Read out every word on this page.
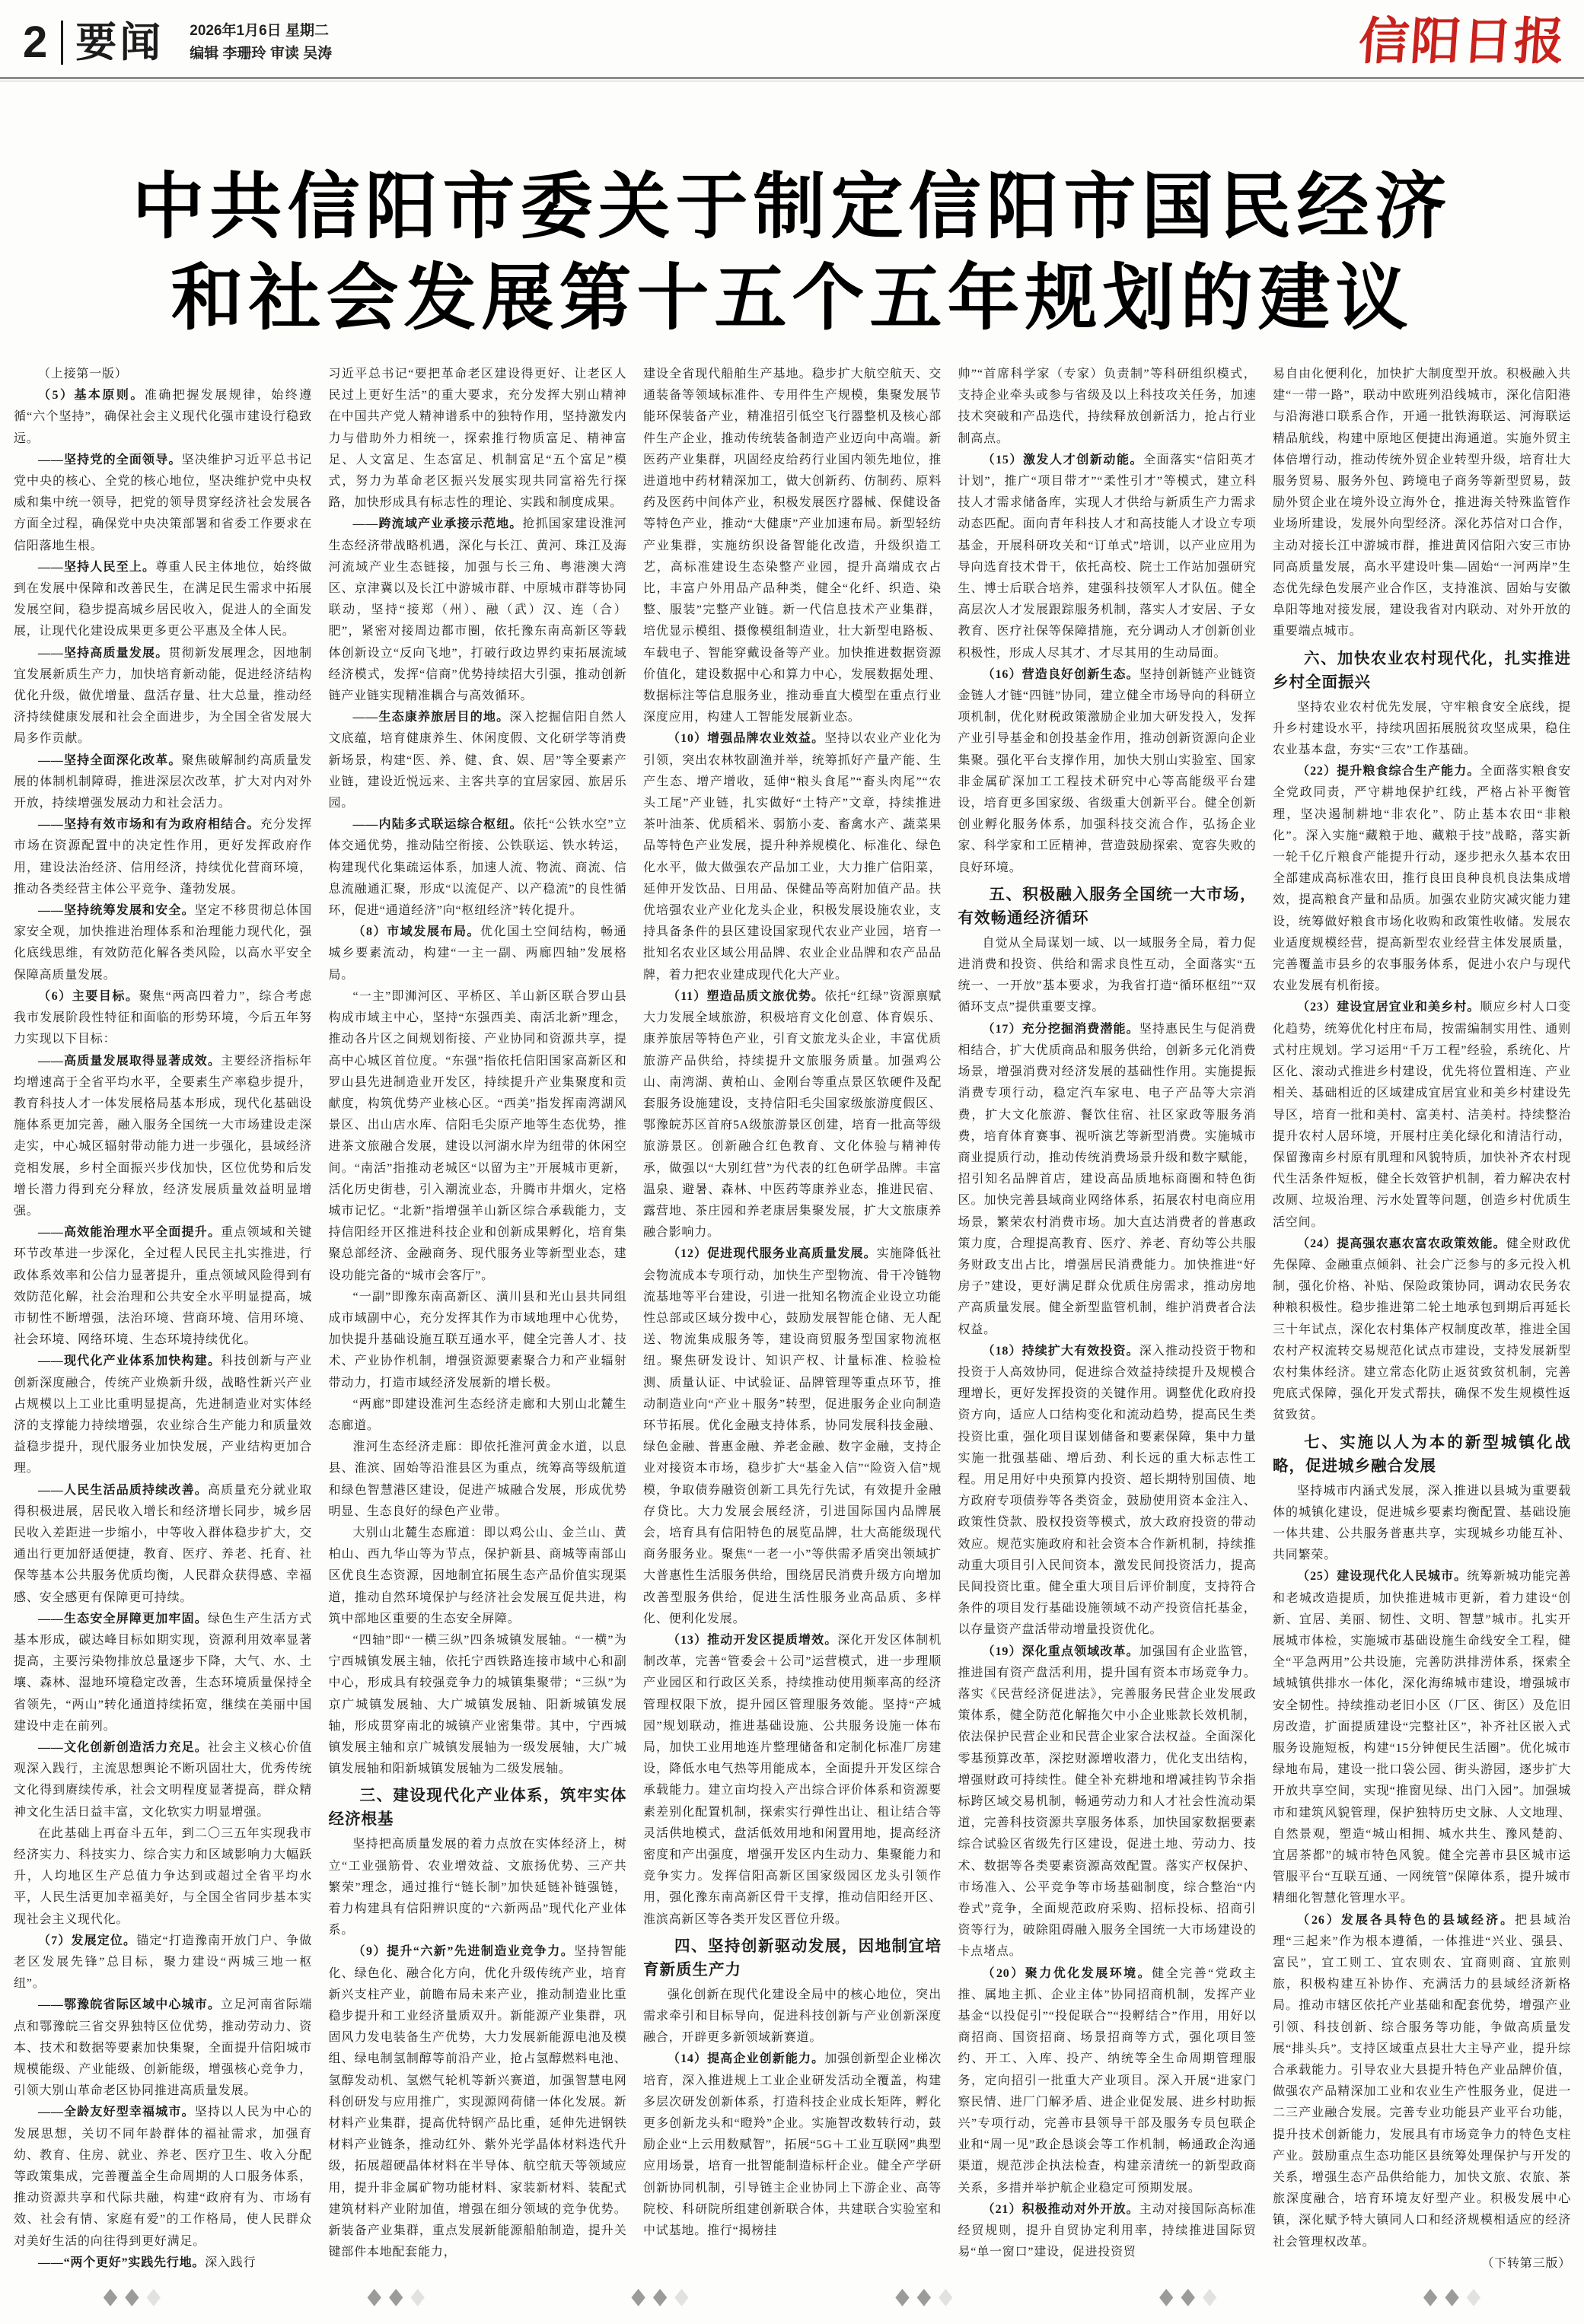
2 要闻 2026年1月6日 星期二
编辑 李珊玲 审读 吴涛	信阳日报
中共信阳市委关于制定信阳市国民经济
和社会发展第十五个五年规划的建议

（上接第一版）

（5）基本原则。准确把握发展规律，始终遵循“六个坚持”，确保社会主义现代化强市建设行稳致远。

——坚持党的全面领导。坚决维护习近平总书记党中央的核心、全党的核心地位，坚决维护党中央权威和集中统一领导，把党的领导贯穿经济社会发展各方面全过程，确保党中央决策部署和省委工作要求在信阳落地生根。

——坚持人民至上。尊重人民主体地位，始终做到在发展中保障和改善民生，在满足民生需求中拓展发展空间，稳步提高城乡居民收入，促进人的全面发展，让现代化建设成果更多更公平惠及全体人民。

——坚持高质量发展。贯彻新发展理念，因地制宜发展新质生产力，加快培育新动能，促进经济结构优化升级，做优增量、盘活存量、壮大总量，推动经济持续健康发展和社会全面进步，为全国全省发展大局多作贡献。

——坚持全面深化改革。聚焦破解制约高质量发展的体制机制障碍，推进深层次改革，扩大对内对外开放，持续增强发展动力和社会活力。

——坚持有效市场和有为政府相结合。充分发挥市场在资源配置中的决定性作用，更好发挥政府作用，建设法治经济、信用经济，持续优化营商环境，推动各类经营主体公平竞争、蓬勃发展。

——坚持统筹发展和安全。坚定不移贯彻总体国家安全观，加快推进治理体系和治理能力现代化，强化底线思维，有效防范化解各类风险，以高水平安全保障高质量发展。

（6）主要目标。聚焦“两高四着力”，综合考虑我市发展阶段性特征和面临的形势环境，今后五年努力实现以下目标：

——高质量发展取得显著成效。主要经济指标年均增速高于全省平均水平，全要素生产率稳步提升，教育科技人才一体发展格局基本形成，现代化基础设施体系更加完善，融入服务全国统一大市场建设走深走实，中心城区辐射带动能力进一步强化，县域经济竞相发展，乡村全面振兴步伐加快，区位优势和后发增长潜力得到充分释放，经济发展质量效益明显增强。

——高效能治理水平全面提升。重点领域和关键环节改革进一步深化，全过程人民民主扎实推进，行政体系效率和公信力显著提升，重点领域风险得到有效防范化解，社会治理和公共安全水平明显提高，城市韧性不断增强，法治环境、营商环境、信用环境、社会环境、网络环境、生态环境持续优化。

——现代化产业体系加快构建。科技创新与产业创新深度融合，传统产业焕新升级，战略性新兴产业占规模以上工业比重明显提高，先进制造业对实体经济的支撑能力持续增强，农业综合生产能力和质量效益稳步提升，现代服务业加快发展，产业结构更加合理。

——人民生活品质持续改善。高质量充分就业取得积极进展，居民收入增长和经济增长同步，城乡居民收入差距进一步缩小，中等收入群体稳步扩大，交通出行更加舒适便捷，教育、医疗、养老、托育、社保等基本公共服务优质均衡，人民群众获得感、幸福感、安全感更有保障更可持续。

——生态安全屏障更加牢固。绿色生产生活方式基本形成，碳达峰目标如期实现，资源利用效率显著提高，主要污染物排放总量逐步下降，大气、水、土壤、森林、湿地环境稳定改善，生态环境质量保持全省领先，“两山”转化通道持续拓宽，继续在美丽中国建设中走在前列。

——文化创新创造活力充足。社会主义核心价值观深入践行，主流思想舆论不断巩固壮大，优秀传统文化得到赓续传承，社会文明程度显著提高，群众精神文化生活日益丰富，文化软实力明显增强。

在此基础上再奋斗五年，到二〇三五年实现我市经济实力、科技实力、综合实力和区域影响力大幅跃升，人均地区生产总值力争达到或超过全省平均水平，人民生活更加幸福美好，与全国全省同步基本实现社会主义现代化。

（7）发展定位。锚定“打造豫南开放门户、争做老区发展先锋”总目标，聚力建设“两城三地一枢纽”。

——鄂豫皖省际区域中心城市。立足河南省际端点和鄂豫皖三省交界独特区位优势，推动劳动力、资本、技术和数据等要素加快集聚，全面提升信阳城市规模能级、产业能级、创新能级，增强核心竞争力，引领大别山革命老区协同推进高质量发展。

——全龄友好型幸福城市。坚持以人民为中心的发展思想，关切不同年龄群体的福祉需求，加强育幼、教育、住房、就业、养老、医疗卫生、收入分配等政策集成，完善覆盖全生命周期的人口服务体系，推动资源共享和代际共融，构建“政府有为、市场有效、社会有情、家庭有爱”的工作格局，使人民群众对美好生活的向往得到更好满足。

——“两个更好”实践先行地。深入践行

习近平总书记“要把革命老区建设得更好、让老区人民过上更好生活”的重大要求，充分发挥大别山精神在中国共产党人精神谱系中的独特作用，坚持激发内力与借助外力相统一，探索推行物质富足、精神富足、人文富足、生态富足、机制富足“五个富足”模式，努力为革命老区振兴发展实现共同富裕先行探路，加快形成具有标志性的理论、实践和制度成果。

——跨流域产业承接示范地。抢抓国家建设淮河生态经济带战略机遇，深化与长江、黄河、珠江及海河流域产业生态链接，加强与长三角、粤港澳大湾区、京津冀以及长江中游城市群、中原城市群等协同联动，坚持“接郑（州）、融（武）汉、连（合）肥”，紧密对接周边都市圈，依托豫东南高新区等载体创新设立“反向飞地”，打破行政边界约束拓展流域经济模式，发挥“信商”优势持续招大引强，推动创新链产业链实现精准耦合与高效循环。

——生态康养旅居目的地。深入挖掘信阳自然人文底蕴，培育健康养生、休闲度假、文化研学等消费新场景，构建“医、养、健、食、娱、居”等全要素产业链，建设近悦远来、主客共享的宜居家园、旅居乐园。

——内陆多式联运综合枢纽。依托“公铁水空”立体交通优势，推动陆空衔接、公铁联运、铁水转运，构建现代化集疏运体系，加速人流、物流、商流、信息流融通汇聚，形成“以流促产、以产稳流”的良性循环，促进“通道经济”向“枢纽经济”转化提升。

（8）市域发展布局。优化国土空间结构，畅通城乡要素流动，构建“一主一副、两廊四轴”发展格局。

“一主”即浉河区、平桥区、羊山新区联合罗山县构成市域主中心，坚持“东强西美、南活北新”理念，推动各片区之间规划衔接、产业协同和资源共享，提高中心城区首位度。“东强”指依托信阳国家高新区和罗山县先进制造业开发区，持续提升产业集聚度和贡献度，构筑优势产业核心区。“西美”指发挥南湾湖风景区、出山店水库、信阳毛尖原产地等生态优势，推进茶文旅融合发展，建设以河湖水岸为纽带的休闲空间。“南活”指推动老城区“以留为主”开展城市更新，活化历史街巷，引入潮流业态，升腾市井烟火，定格城市记忆。“北新”指增强羊山新区综合承载能力，支持信阳经开区推进科技企业和创新成果孵化，培育集聚总部经济、金融商务、现代服务业等新型业态，建设功能完备的“城市会客厅”。

“一副”即豫东南高新区、潢川县和光山县共同组成市域副中心，充分发挥其作为市域地理中心优势，加快提升基础设施互联互通水平，健全完善人才、技术、产业协作机制，增强资源要素聚合力和产业辐射带动力，打造市域经济发展新的增长极。

“两廊”即建设淮河生态经济走廊和大别山北麓生态廊道。

淮河生态经济走廊：即依托淮河黄金水道，以息县、淮滨、固始等沿淮县区为重点，统筹高等级航道和绿色智慧港区建设，促进产城融合发展，形成优势明显、生态良好的绿色产业带。

大别山北麓生态廊道：即以鸡公山、金兰山、黄柏山、西九华山等为节点，保护新县、商城等南部山区优良生态资源，因地制宜拓展生态产品价值实现渠道，推动自然环境保护与经济社会发展互促共进，构筑中部地区重要的生态安全屏障。

“四轴”即“一横三纵”四条城镇发展轴。“一横”为宁西城镇发展主轴，依托宁西铁路连接市域中心和副中心，形成具有较强竞争力的城镇集聚带；“三纵”为京广城镇发展轴、大广城镇发展轴、阳新城镇发展轴，形成贯穿南北的城镇产业密集带。其中，宁西城镇发展主轴和京广城镇发展轴为一级发展轴，大广城镇发展轴和阳新城镇发展轴为二级发展轴。

三、建设现代化产业体系，筑牢实体经济根基

坚持把高质量发展的着力点放在实体经济上，树立“工业强筋骨、农业增效益、文旅扬优势、三产共繁荣”理念，通过推行“链长制”加快延链补链强链，着力构建具有信阳辨识度的“六新两品”现代化产业体系。

（9）提升“六新”先进制造业竞争力。坚持智能化、绿色化、融合化方向，优化升级传统产业，培育新兴支柱产业，前瞻布局未来产业，推动制造业比重稳步提升和工业经济量质双升。新能源产业集群，巩固风力发电装备生产优势，大力发展新能源电池及模组、绿电制氢制醇等前沿产业，抢占氢醇燃料电池、氢醇发动机、氢燃气轮机等新兴赛道，加强智慧电网科创研发与应用推广，实现源网荷储一体化发展。新材料产业集群，提高优特钢产品比重，延伸先进钢铁材料产业链条，推动红外、紫外光学晶体材料迭代升级，拓展超硬晶体材料在半导体、航空航天等领域应用，提升非金属矿物功能材料、家装新材料、装配式建筑材料产业附加值，增强在细分领域的竞争优势。新装备产业集群，重点发展新能源船舶制造，提升关键部件本地配套能力，

建设全省现代船舶生产基地。稳步扩大航空航天、交通装备等领域标准件、专用件生产规模，集聚发展节能环保装备产业，精准招引低空飞行器整机及核心部件生产企业，推动传统装备制造产业迈向中高端。新医药产业集群，巩固经皮给药行业国内领先地位，推进道地中药材精深加工，做大创新药、仿制药、原料药及医药中间体产业，积极发展医疗器械、保健设备等特色产业，推动“大健康”产业加速布局。新型轻纺产业集群，实施纺织设备智能化改造，升级织造工艺，高标准建设生态染整产业园，提升高端成衣占比，丰富户外用品产品种类，健全“化纤、织造、染整、服装”完整产业链。新一代信息技术产业集群，培优显示模组、摄像模组制造业，壮大新型电路板、车载电子、智能穿戴设备等产业。加快推进数据资源价值化，建设数据中心和算力中心，发展数据处理、数据标注等信息服务业，推动垂直大模型在重点行业深度应用，构建人工智能发展新业态。

（10）增强品牌农业效益。坚持以农业产业化为引领，突出农林牧副渔并举，统筹抓好产量产能、生产生态、增产增收，延伸“粮头食尾”“畜头肉尾”“农头工尾”产业链，扎实做好“土特产”文章，持续推进茶叶油茶、优质稻米、弱筋小麦、畜禽水产、蔬菜果品等特色产业发展，提升种养规模化、标准化、绿色化水平，做大做强农产品加工业，大力推广信阳菜，延伸开发饮品、日用品、保健品等高附加值产品。扶优培强农业产业化龙头企业，积极发展设施农业，支持具备条件的县区建设国家现代农业产业园，培育一批知名农业区域公用品牌、农业企业品牌和农产品品牌，着力把农业建成现代化大产业。

（11）塑造品质文旅优势。依托“红绿”资源禀赋大力发展全域旅游，积极培育文化创意、体育娱乐、康养旅居等特色产业，引育文旅龙头企业，丰富优质旅游产品供给，持续提升文旅服务质量。加强鸡公山、南湾湖、黄柏山、金刚台等重点景区软硬件及配套服务设施建设，支持信阳毛尖国家级旅游度假区、鄂豫皖苏区首府5A级旅游景区创建，培育一批高等级旅游景区。创新融合红色教育、文化体验与精神传承，做强以“大别红营”为代表的红色研学品牌。丰富温泉、避暑、森林、中医药等康养业态，推进民宿、露营地、茶庄园和养老康居集聚发展，扩大文旅康养融合影响力。

（12）促进现代服务业高质量发展。实施降低社会物流成本专项行动，加快生产型物流、骨干冷链物流基地等平台建设，引进一批知名物流企业设立功能性总部或区域分拨中心，鼓励发展智能仓储、无人配送、物流集成服务等，建设商贸服务型国家物流枢纽。聚焦研发设计、知识产权、计量标准、检验检测、质量认证、中试验证、品牌管理等重点环节，推动制造业向“产业＋服务”转型，促进服务企业向制造环节拓展。优化金融支持体系，协同发展科技金融、绿色金融、普惠金融、养老金融、数字金融，支持企业对接资本市场，稳步扩大“基金入信”“险资入信”规模，争取债券融资创新工具先行先试，有效提升金融存贷比。大力发展会展经济，引进国际国内品牌展会，培育具有信阳特色的展览品牌，壮大高能级现代商务服务业。聚焦“一老一小”等供需矛盾突出领域扩大普惠性生活服务供给，围绕居民消费升级方向增加改善型服务供给，促进生活性服务业高品质、多样化、便利化发展。

（13）推动开发区提质增效。深化开发区体制机制改革，完善“管委会＋公司”运营模式，进一步理顺产业园区和行政区关系，持续推动使用频率高的经济管理权限下放，提升园区管理服务效能。坚持“产城园”规划联动，推进基础设施、公共服务设施一体布局，加快工业用地连片整理储备和定制化标准厂房建设，降低水电气热等用能成本，全面提升开发区综合承载能力。建立亩均投入产出综合评价体系和资源要素差别化配置机制，探索实行弹性出让、租让结合等灵活供地模式，盘活低效用地和闲置用地，提高经济密度和产出强度，增强开发区内生动力、集聚能力和竞争实力。发挥信阳高新区国家级园区龙头引领作用，强化豫东南高新区骨干支撑，推动信阳经开区、淮滨高新区等各类开发区晋位升级。

四、坚持创新驱动发展，因地制宜培育新质生产力

强化创新在现代化建设全局中的核心地位，突出需求牵引和目标导向，促进科技创新与产业创新深度融合，开辟更多新领域新赛道。

（14）提高企业创新能力。加强创新型企业梯次培育，深入推进规上工业企业研发活动全覆盖，构建多层次研发创新体系，打造科技企业成长矩阵，孵化更多创新龙头和“瞪羚”企业。实施智改数转行动，鼓励企业“上云用数赋智”，拓展“5G＋工业互联网”典型应用场景，培育一批智能制造标杆企业。健全产学研创新协同机制，引导链主企业协同上下游企业、高等院校、科研院所组建创新联合体，共建联合实验室和中试基地。推行“揭榜挂

帅”“首席科学家（专家）负责制”等科研组织模式，支持企业牵头或参与省级及以上科技攻关任务，加速技术突破和产品迭代，持续释放创新活力，抢占行业制高点。

（15）激发人才创新动能。全面落实“信阳英才计划”，推广“项目带才”“柔性引才”等模式，建立科技人才需求储备库，实现人才供给与新质生产力需求动态匹配。面向青年科技人才和高技能人才设立专项基金，开展科研攻关和“订单式”培训，以产业应用为导向选育技术骨干，依托高校、院士工作站加强研究生、博士后联合培养，建强科技领军人才队伍。健全高层次人才发展跟踪服务机制，落实人才安居、子女教育、医疗社保等保障措施，充分调动人才创新创业积极性，形成人尽其才、才尽其用的生动局面。

（16）营造良好创新生态。坚持创新链产业链资金链人才链“四链”协同，建立健全市场导向的科研立项机制，优化财税政策激励企业加大研发投入，发挥产业引导基金和创投基金作用，推动创新资源向企业集聚。强化平台支撑作用，加快大别山实验室、国家非金属矿深加工工程技术研究中心等高能级平台建设，培育更多国家级、省级重大创新平台。健全创新创业孵化服务体系，加强科技交流合作，弘扬企业家、科学家和工匠精神，营造鼓励探索、宽容失败的良好环境。

五、积极融入服务全国统一大市场，有效畅通经济循环

自觉从全局谋划一域、以一域服务全局，着力促进消费和投资、供给和需求良性互动，全面落实“五统一、一开放”基本要求，为我省打造“循环枢纽”“双循环支点”提供重要支撑。

（17）充分挖掘消费潜能。坚持惠民生与促消费相结合，扩大优质商品和服务供给，创新多元化消费场景，增强消费对经济发展的基础性作用。实施提振消费专项行动，稳定汽车家电、电子产品等大宗消费，扩大文化旅游、餐饮住宿、社区家政等服务消费，培育体育赛事、视听演艺等新型消费。实施城市商业提质行动，推动传统消费场景升级和数字赋能，招引知名品牌首店，建设高品质地标商圈和特色街区。加快完善县域商业网络体系，拓展农村电商应用场景，繁荣农村消费市场。加大直达消费者的普惠政策力度，合理提高教育、医疗、养老、育幼等公共服务财政支出占比，增强居民消费能力。加快推进“好房子”建设，更好满足群众优质住房需求，推动房地产高质量发展。健全新型监管机制，维护消费者合法权益。

（18）持续扩大有效投资。深入推动投资于物和投资于人高效协同，促进综合效益持续提升及规模合理增长，更好发挥投资的关键作用。调整优化政府投资方向，适应人口结构变化和流动趋势，提高民生类投资比重，强化项目谋划储备和要素保障，集中力量实施一批强基础、增后劲、利长远的重大标志性工程。用足用好中央预算内投资、超长期特别国债、地方政府专项债券等各类资金，鼓励使用资本金注入、政策性贷款、股权投资等模式，放大政府投资的带动效应。规范实施政府和社会资本合作新机制，持续推动重大项目引入民间资本，激发民间投资活力，提高民间投资比重。健全重大项目后评价制度，支持符合条件的项目发行基础设施领域不动产投资信托基金，以存量资产盘活带动增量投资优化。

（19）深化重点领域改革。加强国有企业监管，推进国有资产盘活利用，提升国有资本市场竞争力。落实《民营经济促进法》，完善服务民营企业发展政策体系，健全防范化解拖欠中小企业账款长效机制，依法保护民营企业和民营企业家合法权益。全面深化零基预算改革，深挖财源增收潜力，优化支出结构，增强财政可持续性。健全补充耕地和增减挂钩节余指标跨区域交易机制，畅通劳动力和人才社会性流动渠道，完善科技资源共享服务体系，加快国家数据要素综合试验区省级先行区建设，促进土地、劳动力、技术、数据等各类要素资源高效配置。落实产权保护、市场准入、公平竞争等市场基础制度，综合整治“内卷式”竞争，全面规范政府采购、招标投标、招商引资等行为，破除阻碍融入服务全国统一大市场建设的卡点堵点。

（20）聚力优化发展环境。健全完善“党政主推、属地主抓、企业主体”协同招商机制，发挥产业基金“以投促引”“投促联合”“投孵结合”作用，用好以商招商、国资招商、场景招商等方式，强化项目签约、开工、入库、投产、纳统等全生命周期管理服务，定向招引一批重大产业项目。深入开展“进家门察民情、进厂门解矛盾、进企业促发展、进乡村助振兴”专项行动，完善市县领导干部及服务专员包联企业和“周一见”政企恳谈会等工作机制，畅通政企沟通渠道，规范涉企执法检查，构建亲清统一的新型政商关系，多措并举护航企业稳定可预期发展。

（21）积极推动对外开放。主动对接国际高标准经贸规则，提升自贸协定利用率，持续推进国际贸易“单一窗口”建设，促进投资贸

易自由化便利化，加快扩大制度型开放。积极融入共建“一带一路”，联动中欧班列沿线城市，深化信阳港与沿海港口联系合作，开通一批铁海联运、河海联运精品航线，构建中原地区便捷出海通道。实施外贸主体倍增行动，推动传统外贸企业转型升级，培育壮大服务贸易、服务外包、跨境电子商务等新型贸易，鼓励外贸企业在境外设立海外仓，推进海关特殊监管作业场所建设，发展外向型经济。深化苏信对口合作，主动对接长江中游城市群，推进黄冈信阳六安三市协同高质量发展，高水平建设叶集—固始“一河两岸”生态优先绿色发展产业合作区，支持淮滨、固始与安徽阜阳等地对接发展，建设我省对内联动、对外开放的重要端点城市。

六、加快农业农村现代化，扎实推进乡村全面振兴

坚持农业农村优先发展，守牢粮食安全底线，提升乡村建设水平，持续巩固拓展脱贫攻坚成果，稳住农业基本盘，夯实“三农”工作基础。

（22）提升粮食综合生产能力。全面落实粮食安全党政同责，严守耕地保护红线，严格占补平衡管理，坚决遏制耕地“非农化”、防止基本农田“非粮化”。深入实施“藏粮于地、藏粮于技”战略，落实新一轮千亿斤粮食产能提升行动，逐步把永久基本农田全部建成高标准农田，推行良田良种良机良法集成增效，提高粮食产量和品质。加强农业防灾减灾能力建设，统筹做好粮食市场化收购和政策性收储。发展农业适度规模经营，提高新型农业经营主体发展质量，完善覆盖市县乡的农事服务体系，促进小农户与现代农业发展有机衔接。

（23）建设宜居宜业和美乡村。顺应乡村人口变化趋势，统筹优化村庄布局，按需编制实用性、通则式村庄规划。学习运用“千万工程”经验，系统化、片区化、滚动式推进乡村建设，优先将位置相连、产业相关、基础相近的区域建成宜居宜业和美乡村建设先导区，培育一批和美村、富美村、洁美村。持续整治提升农村人居环境，开展村庄美化绿化和清洁行动，保留豫南乡村原有肌理和风貌特质，加快补齐农村现代生活条件短板，健全长效管护机制，着力解决农村改厕、垃圾治理、污水处置等问题，创造乡村优质生活空间。

（24）提高强农惠农富农政策效能。健全财政优先保障、金融重点倾斜、社会广泛参与的多元投入机制，强化价格、补贴、保险政策协同，调动农民务农种粮积极性。稳步推进第二轮土地承包到期后再延长三十年试点，深化农村集体产权制度改革，推进全国农村产权流转交易规范化试点市建设，支持发展新型农村集体经济。建立常态化防止返贫致贫机制，完善兜底式保障，强化开发式帮扶，确保不发生规模性返贫致贫。

七、实施以人为本的新型城镇化战略，促进城乡融合发展

坚持城市内涵式发展，深入推进以县城为重要载体的城镇化建设，促进城乡要素均衡配置、基础设施一体共建、公共服务普惠共享，实现城乡功能互补、共同繁荣。

（25）建设现代化人民城市。统筹新城功能完善和老城改造提质，加快推进城市更新，着力建设“创新、宜居、美丽、韧性、文明、智慧”城市。扎实开展城市体检，实施城市基础设施生命线安全工程，健全“平急两用”公共设施，完善防洪排涝体系，探索全域城镇供排水一体化，深化海绵城市建设，增强城市安全韧性。持续推动老旧小区（厂区、街区）及危旧房改造，扩面提质建设“完整社区”，补齐社区嵌入式服务设施短板，构建“15分钟便民生活圈”。优化城市绿地布局，建设一批口袋公园、街头游园，逐步扩大开放共享空间，实现“推窗见绿、出门入园”。加强城市和建筑风貌管理，保护独特历史文脉、人文地理、自然景观，塑造“城山相拥、城水共生、豫风楚韵、宜居茶都”的城市特色风貌。健全完善市县区城市运管服平台“互联互通、一网统管”保障体系，提升城市精细化智慧化管理水平。

（26）发展各具特色的县域经济。把县域治理“三起来”作为根本遵循，一体推进“兴业、强县、富民”，宜工则工、宜农则农、宜商则商、宜旅则旅，积极构建互补协作、充满活力的县域经济新格局。推动市辖区依托产业基础和配套优势，增强产业引领、科技创新、综合服务等功能，争做高质量发展“排头兵”。支持区域重点县壮大主导产业，提升综合承载能力。引导农业大县提升特色产业品牌价值，做强农产品精深加工业和农业生产性服务业，促进一二三产业融合发展。完善专业功能县产业平台功能，提升技术创新能力，发展具有市场竞争力的特色支柱产业。鼓励重点生态功能区县统筹处理保护与开发的关系，增强生态产品供给能力，加快文旅、农旅、茶旅深度融合，培育环境友好型产业。积极发展中心镇，深化赋予特大镇同人口和经济规模相适应的经济社会管理权改革。

（下转第三版）

◆ ◆ ◆	◆ ◆ ◆	◆ ◆ ◆	◆ ◆ ◆	◆ ◆ ◆	◆ ◆ ◆
